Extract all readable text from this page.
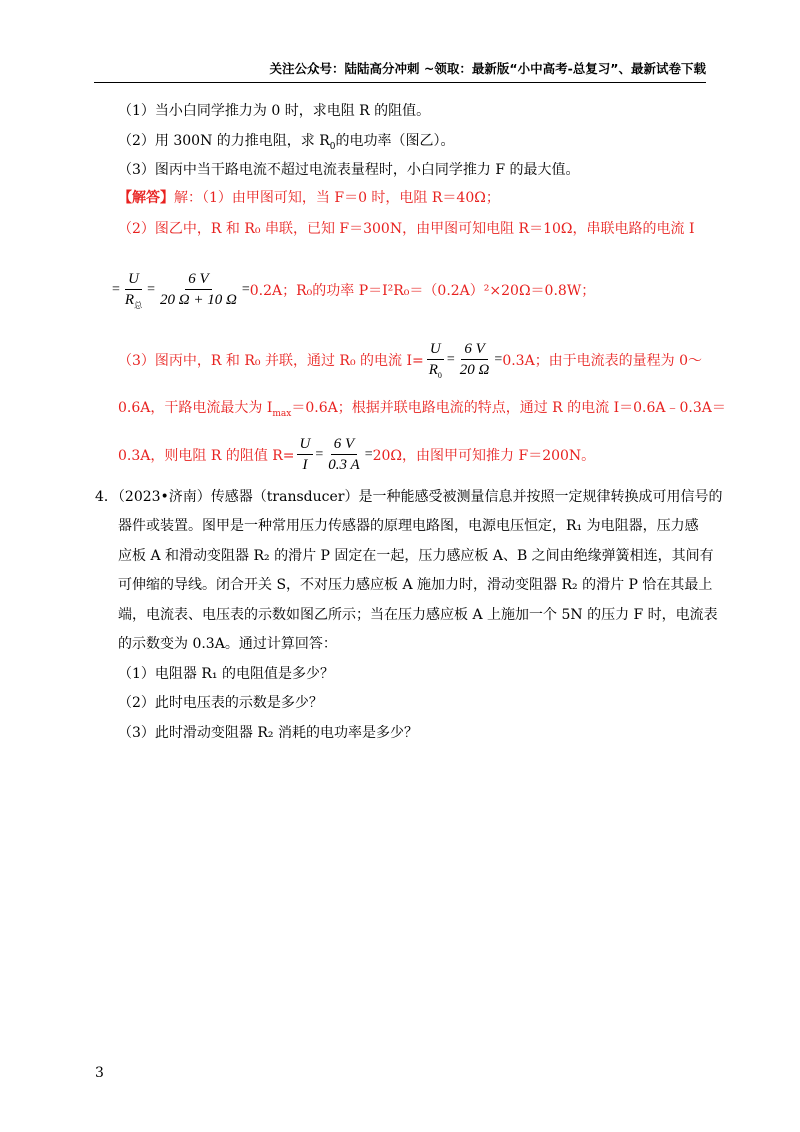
关注公众号：陆陆高分冲刺 ~领取：最新版“小中高考-总复习”、最新试卷下载
（1）当小白同学推力为 0 时，求电阻 R 的阻值。
（2）用 300N 的力推电阻，求 $R_0$的电功率（图乙）。
（3）图丙中当干路电流不超过电流表量程时，小白同学推力 F 的最大值。
【解答】解：（1）由甲图可知，当 F＝0 时，电阻 R＝40Ω；
（2）图乙中，R 和 R₀ 串联，已知 F＝300N，由甲图可知电阻 R＝10Ω，串联电路的电流 I
= $\frac{U}{R_总} = \frac{6 V}{20 \Omega + 10 \Omega} = 0.2A$；R₀的功率 P＝I²R₀＝（0.2A）²×20Ω＝0.8W；
（3）图丙中，R 和 R₀ 并联，通过 R₀ 的电流 $I= \frac{U}{R_0} = \frac{6 V}{20 \Omega} = 0.3A$；由于电流表的量程为 0～
0.6A，干路电流最大为 $I_{max}=0.6A$；根据并联电路电流的特点，通过 R 的电流 I＝0.6A﹣0.3A＝
0.3A，则电阻 R 的阻值 $R= \frac{U}{I} = \frac{6 V}{0.3 A} = 20\Omega$，由图甲可知推力 F＝200N。
4．（2023•济南）传感器（transducer）是一种能感受被测量信息并按照一定规律转换成可用信号的
器件或装置。图甲是一种常用压力传感器的原理电路图，电源电压恒定，R₁ 为电阻器，压力感
应板 A 和滑动变阻器 R₂ 的滑片 P 固定在一起，压力感应板 A、B 之间由绝缘弹簧相连，其间有
可伸缩的导线。闭合开关 S，不对压力感应板 A 施加力时，滑动变阻器 R₂ 的滑片 P 恰在其最上
端，电流表、电压表的示数如图乙所示；当在压力感应板 A 上施加一个 5N 的压力 F 时，电流表
的示数变为 0.3A。通过计算回答：
（1）电阻器 R₁ 的电阻值是多少？
（2）此时电压表的示数是多少？
（3）此时滑动变阻器 R₂ 消耗的电功率是多少？
3
